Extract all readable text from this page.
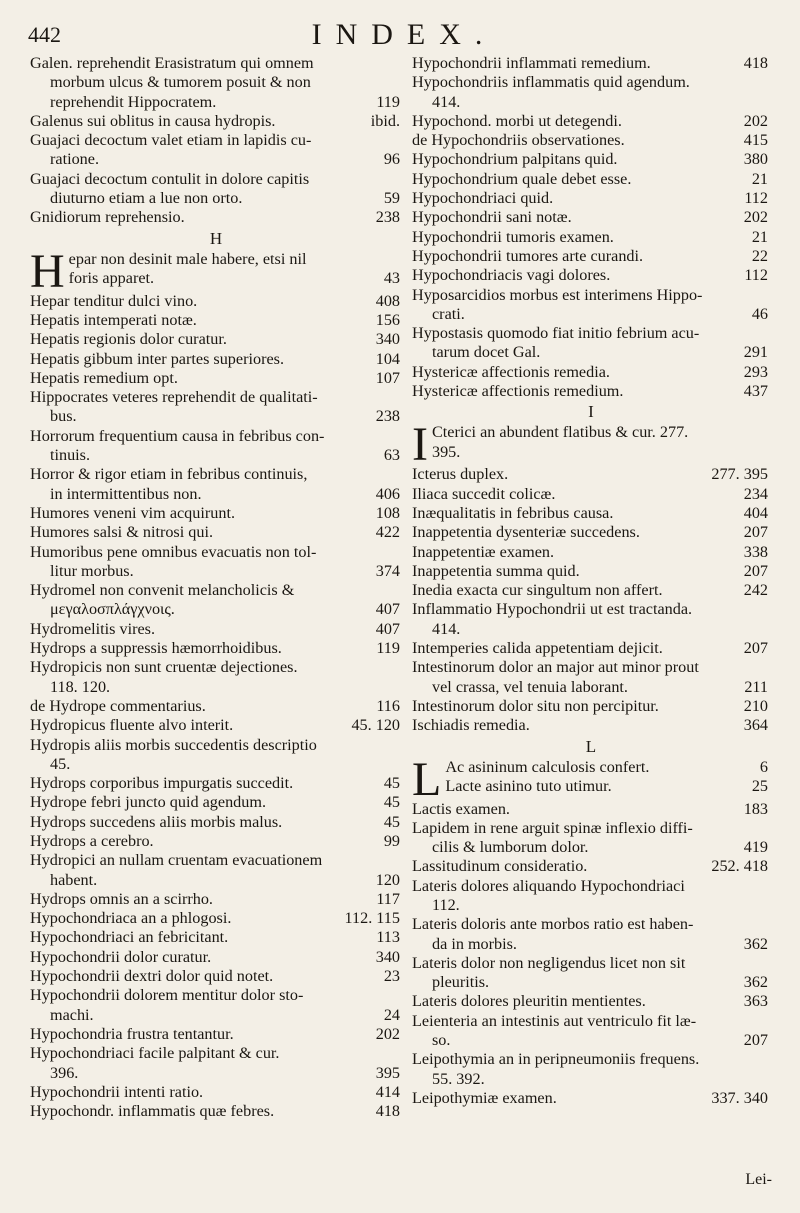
442	INDEX.
Galen. reprehendit Erasistratum qui omnem
morbum ulcus & tumorem posuit & non
reprehendit Hippocratem.	119
Galenus sui oblitus in causa hydropis.	ibid.
Guajaci decoctum valet etiam in lapidis cu-
ratione.	96
Guajaci decoctum contulit in dolore capitis
diuturno etiam a lue non orto.	59
Gnidiorum reprehensio.	238
H
H epar non desinit male habere, etsi nil
foris apparet.	43
Hepar tenditur dulci vino.	408
Hepatis intemperati notæ.	156
Hepatis regionis dolor curatur.	340
Hepatis gibbum inter partes superiores.	104
Hepatis remedium opt.	107
Hippocrates veteres reprehendit de qualitati-
bus.	238
Horrorum frequentium causa in febribus con-
tinuis.	63
Horror & rigor etiam in febribus continuis,
in intermittentibus non.	406
Humores veneni vim acquirunt.	108
Humores salsi & nitrosi qui.	422
Humoribus pene omnibus evacuatis non tol-
litur morbus.	374
Hydromel non convenit melancholicis &
μεγαλοσπλάγχνοις.	407
Hydromelitis vires.	407
Hydrops a suppressis hæmorrhoidibus.	119
Hydropicis non sunt cruentæ dejectiones.
118. 120.
de Hydrope commentarius.	116
Hydropicus fluente alvo interit.	45. 120
Hydropis aliis morbis succedentis descriptio
45.
Hydrops corporibus impurgatis succedit.	45
Hydrope febri juncto quid agendum.	45
Hydrops succedens aliis morbis malus.	45
Hydrops a cerebro.	99
Hydropici an nullam cruentam evacuationem
habent.	120
Hydrops omnis an a scirrho.	117
Hypochondriaca an a phlogosi.	112. 115
Hypochondriaci an febricitant.	113
Hypochondrii dolor curatur.	340
Hypochondrii dextri dolor quid notet.	23
Hypochondrii dolorem mentitur dolor sto-
machi.	24
Hypochondria frustra tentantur.	202
Hypochondriaci facile palpitant & cur.
396.	395
Hypochondrii intenti ratio.	414
Hypochondr. inflammatis quæ febres.	418
Hypochondrii inflammati remedium.	418
Hypochondriis inflammatis quid agendum.
414.
Hypochond. morbi ut detegendi.	202
de Hypochondriis observationes.	415
Hypochondrium palpitans quid.	380
Hypochondrium quale debet esse.	21
Hypochondriaci quid.	112
Hypochondrii sani notæ.	202
Hypochondrii tumoris examen.	21
Hypochondrii tumores arte curandi.	22
Hypochondriacis vagi dolores.	112
Hyposarcidios morbus est interimens Hippo-
crati.	46
Hypostasis quomodo fiat initio febrium acu-
tarum docet Gal.	291
Hystericæ affectionis remedia.	293
Hystericæ affectionis remedium.	437
I
I Cterici an abundent flatibus & cur. 277.
395.
Icterus duplex.	277. 395
Iliaca succedit colicæ.	234
Inæqualitatis in febribus causa.	404
Inappetentia dysenteriæ succedens.	207
Inappetentiæ examen.	338
Inappetentia summa quid.	207
Inedia exacta cur singultum non affert.	242
Inflammatio Hypochondrii ut est tractanda.
414.
Intemperies calida appetentiam dejicit.	207
Intestinorum dolor an major aut minor prout
vel crassa, vel tenuia laborant.	211
Intestinorum dolor situ non percipitur.	210
Ischiadis remedia.	364
L
L Ac asininum calculosis confert.	6
Lacte asinino tuto utimur.	25
Lactis examen.	183
Lapidem in rene arguit spinæ inflexio diffi-
cilis & lumborum dolor.	419
Lassitudinum consideratio.	252. 418
Lateris dolores aliquando Hypochondriaci
112.
Lateris doloris ante morbos ratio est haben-
da in morbis.	362
Lateris dolor non negligendus licet non sit
pleuritis.	362
Lateris dolores pleuritin mentientes.	363
Leienteria an intestinis aut ventriculo fit læ-
so.	207
Leipothymia an in peripneumoniis frequens.
55. 392.
Leipothymiæ examen.	337. 340
Lei-
